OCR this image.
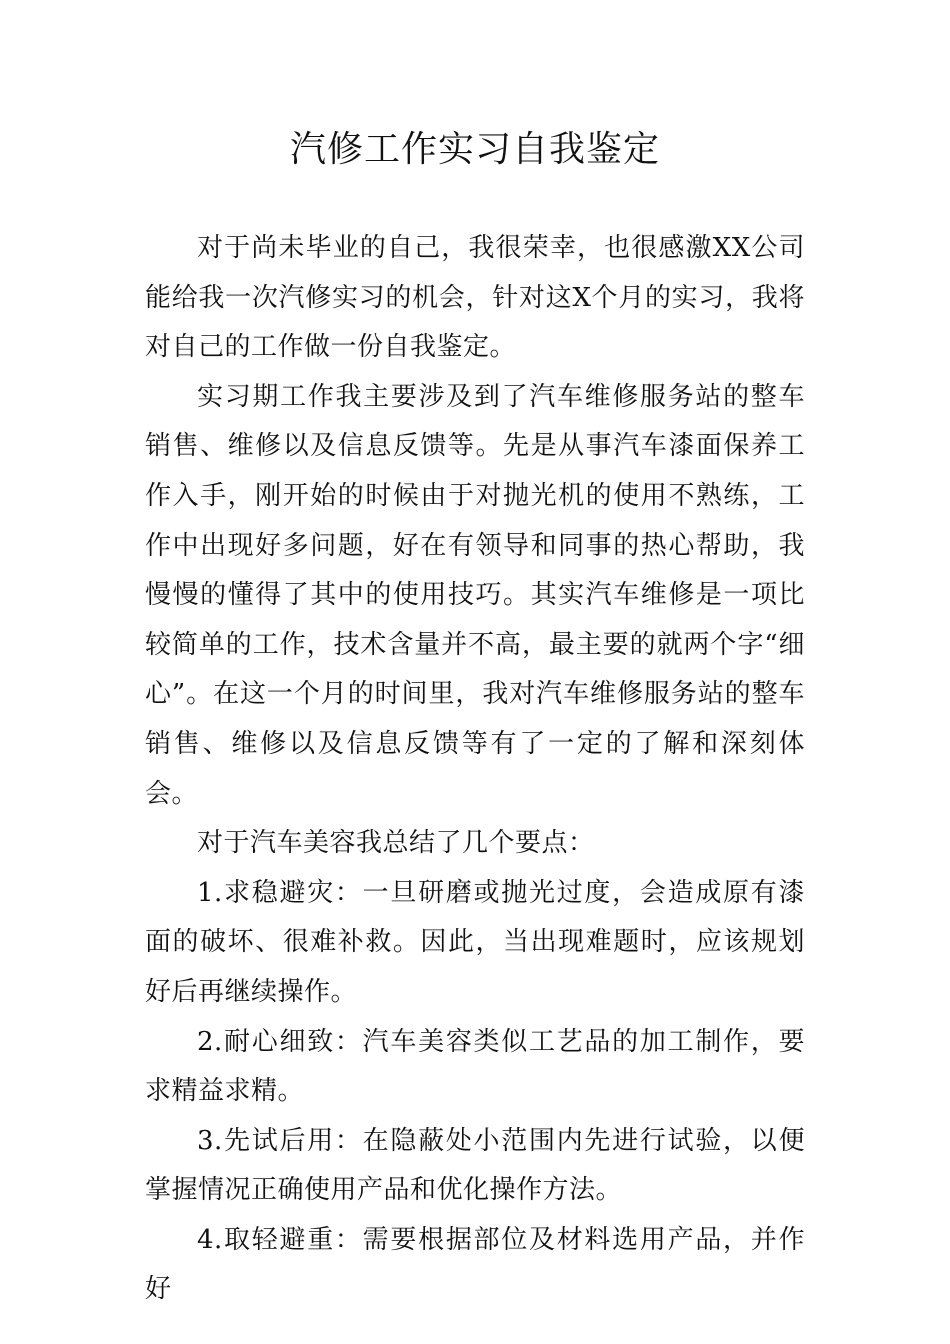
汽修工作实习自我鉴定

对于尚未毕业的自己，我很荣幸，也很感激XX公司能给我一次汽修实习的机会，针对这X个月的实习，我将对自己的工作做一份自我鉴定。

实习期工作我主要涉及到了汽车维修服务站的整车销售、维修以及信息反馈等。先是从事汽车漆面保养工作入手，刚开始的时候由于对抛光机的使用不熟练，工作中出现好多问题，好在有领导和同事的热心帮助，我慢慢的懂得了其中的使用技巧。其实汽车维修是一项比较简单的工作，技术含量并不高，最主要的就两个字“细心”。在这一个月的时间里，我对汽车维修服务站的整车销售、维修以及信息反馈等有了一定的了解和深刻体会。

对于汽车美容我总结了几个要点：

1.求稳避灾：一旦研磨或抛光过度，会造成原有漆面的破坏、很难补救。因此，当出现难题时，应该规划好后再继续操作。

2.耐心细致：汽车美容类似工艺品的加工制作，要求精益求精。

3.先试后用：在隐蔽处小范围内先进行试验，以便掌握情况正确使用产品和优化操作方法。

4.取轻避重：需要根据部位及材料选用产品，并作好
